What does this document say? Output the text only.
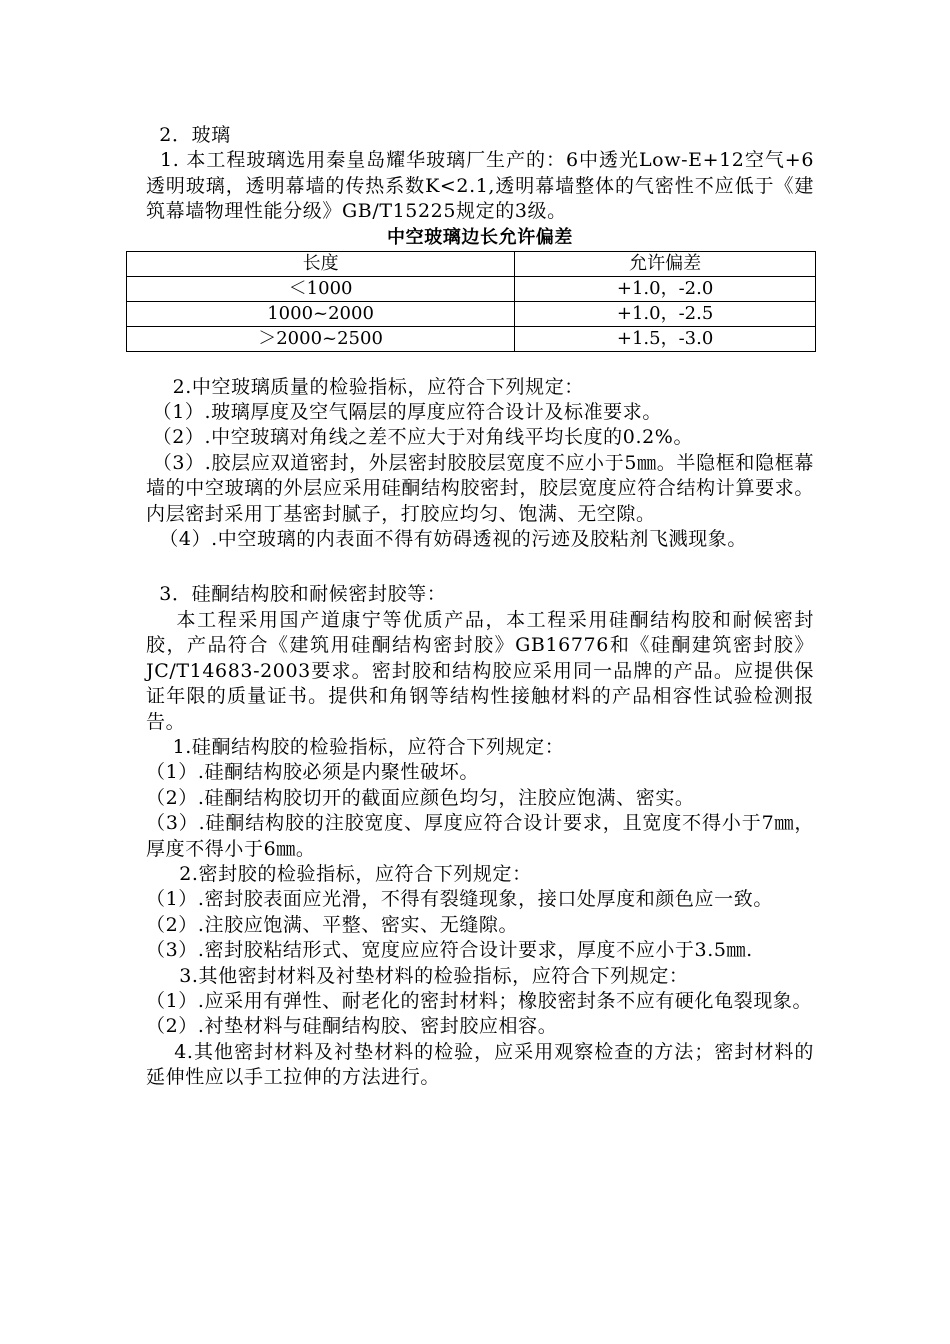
2．玻璃

1. 本工程玻璃选用秦皇岛耀华玻璃厂生产的：6中透光Low-E+12空气+6透明玻璃，透明幕墙的传热系数K<2.1,透明幕墙整体的气密性不应低于《建筑幕墙物理性能分级》GB/T15225规定的3级。

中空玻璃边长允许偏差

长度	允许偏差
＜1000	+1.0，-2.0
1000~2000	+1.0，-2.5
＞2000~2500	+1.5，-3.0

2.中空玻璃质量的检验指标，应符合下列规定：

（1）.玻璃厚度及空气隔层的厚度应符合设计及标准要求。

（2）.中空玻璃对角线之差不应大于对角线平均长度的0.2%。

（3）.胶层应双道密封，外层密封胶胶层宽度不应小于5㎜。半隐框和隐框幕墙的中空玻璃的外层应采用硅酮结构胶密封，胶层宽度应符合结构计算要求。内层密封采用丁基密封腻子，打胶应均匀、饱满、无空隙。

（4）.中空玻璃的内表面不得有妨碍透视的污迹及胶粘剂飞溅现象。

3．硅酮结构胶和耐候密封胶等：

本工程采用国产道康宁等优质产品，本工程采用硅酮结构胶和耐候密封胶，产品符合《建筑用硅酮结构密封胶》GB16776和《硅酮建筑密封胶》JC/T14683-2003要求。密封胶和结构胶应采用同一品牌的产品。应提供保证年限的质量证书。提供和角钢等结构性接触材料的产品相容性试验检测报告。

1.硅酮结构胶的检验指标，应符合下列规定：

（1）.硅酮结构胶必须是内聚性破坏。

（2）.硅酮结构胶切开的截面应颜色均匀，注胶应饱满、密实。

（3）.硅酮结构胶的注胶宽度、厚度应符合设计要求，且宽度不得小于7㎜，厚度不得小于6㎜。

2.密封胶的检验指标，应符合下列规定：

（1）.密封胶表面应光滑，不得有裂缝现象，接口处厚度和颜色应一致。

（2）.注胶应饱满、平整、密实、无缝隙。

（3）.密封胶粘结形式、宽度应应符合设计要求，厚度不应小于3.5㎜.

3.其他密封材料及衬垫材料的检验指标，应符合下列规定：

（1）.应采用有弹性、耐老化的密封材料；橡胶密封条不应有硬化龟裂现象。

（2）.衬垫材料与硅酮结构胶、密封胶应相容。

4.其他密封材料及衬垫材料的检验，应采用观察检查的方法；密封材料的延伸性应以手工拉伸的方法进行。
